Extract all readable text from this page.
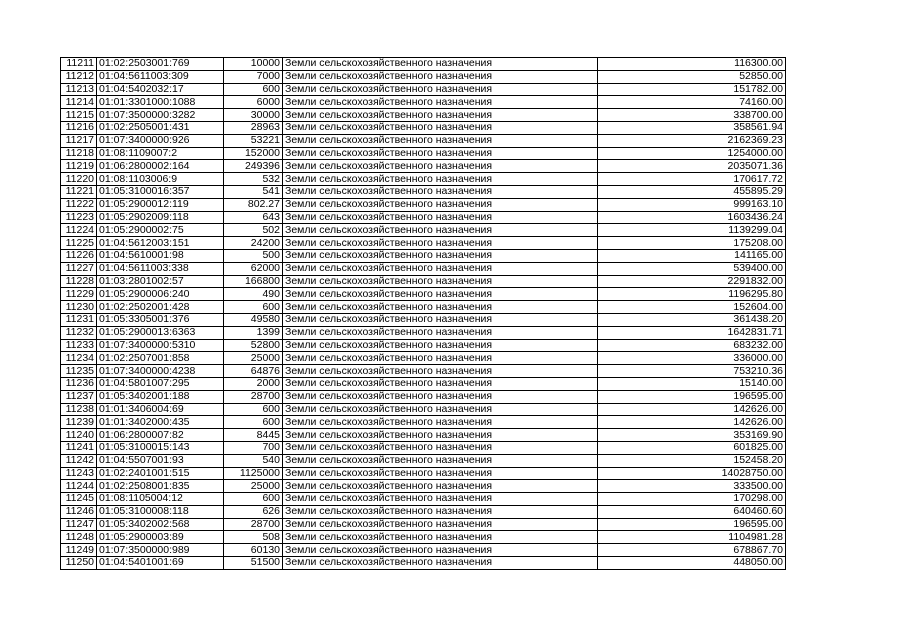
11211	01:02:2503001:769	10000	Земли сельскохозяйственного назначения	116300.00
11212	01:04:5611003:309	7000	Земли сельскохозяйственного назначения	52850.00
11213	01:04:5402032:17	600	Земли сельскохозяйственного назначения	151782.00
11214	01:01:3301000:1088	6000	Земли сельскохозяйственного назначения	74160.00
11215	01:07:3500000:3282	30000	Земли сельскохозяйственного назначения	338700.00
11216	01:02:2505001:431	28963	Земли сельскохозяйственного назначения	358561.94
11217	01:07:3400000:926	53221	Земли сельскохозяйственного назначения	2162369.23
11218	01:08:1109007:2	152000	Земли сельскохозяйственного назначения	1254000.00
11219	01:06:2800002:164	249396	Земли сельскохозяйственного назначения	2035071.36
11220	01:08:1103006:9	532	Земли сельскохозяйственного назначения	170617.72
11221	01:05:3100016:357	541	Земли сельскохозяйственного назначения	455895.29
11222	01:05:2900012:119	802.27	Земли сельскохозяйственного назначения	999163.10
11223	01:05:2902009:118	643	Земли сельскохозяйственного назначения	1603436.24
11224	01:05:2900002:75	502	Земли сельскохозяйственного назначения	1139299.04
11225	01:04:5612003:151	24200	Земли сельскохозяйственного назначения	175208.00
11226	01:04:5610001:98	500	Земли сельскохозяйственного назначения	141165.00
11227	01:04:5611003:338	62000	Земли сельскохозяйственного назначения	539400.00
11228	01:03:2801002:57	166800	Земли сельскохозяйственного назначения	2291832.00
11229	01:05:2900006:240	490	Земли сельскохозяйственного назначения	1196295.80
11230	01:02:2502001:428	600	Земли сельскохозяйственного назначения	152604.00
11231	01:05:3305001:376	49580	Земли сельскохозяйственного назначения	361438.20
11232	01:05:2900013:6363	1399	Земли сельскохозяйственного назначения	1642831.71
11233	01:07:3400000:5310	52800	Земли сельскохозяйственного назначения	683232.00
11234	01:02:2507001:858	25000	Земли сельскохозяйственного назначения	336000.00
11235	01:07:3400000:4238	64876	Земли сельскохозяйственного назначения	753210.36
11236	01:04:5801007:295	2000	Земли сельскохозяйственного назначения	15140.00
11237	01:05:3402001:188	28700	Земли сельскохозяйственного назначения	196595.00
11238	01:01:3406004:69	600	Земли сельскохозяйственного назначения	142626.00
11239	01:01:3402000:435	600	Земли сельскохозяйственного назначения	142626.00
11240	01:06:2800007:82	8445	Земли сельскохозяйственного назначения	353169.90
11241	01:05:3100015:143	700	Земли сельскохозяйственного назначения	601825.00
11242	01:04:5507001:93	540	Земли сельскохозяйственного назначения	152458.20
11243	01:02:2401001:515	1125000	Земли сельскохозяйственного назначения	14028750.00
11244	01:02:2508001:835	25000	Земли сельскохозяйственного назначения	333500.00
11245	01:08:1105004:12	600	Земли сельскохозяйственного назначения	170298.00
11246	01:05:3100008:118	626	Земли сельскохозяйственного назначения	640460.60
11247	01:05:3402002:568	28700	Земли сельскохозяйственного назначения	196595.00
11248	01:05:2900003:89	508	Земли сельскохозяйственного назначения	1104981.28
11249	01:07:3500000:989	60130	Земли сельскохозяйственного назначения	678867.70
11250	01:04:5401001:69	51500	Земли сельскохозяйственного назначения	448050.00
